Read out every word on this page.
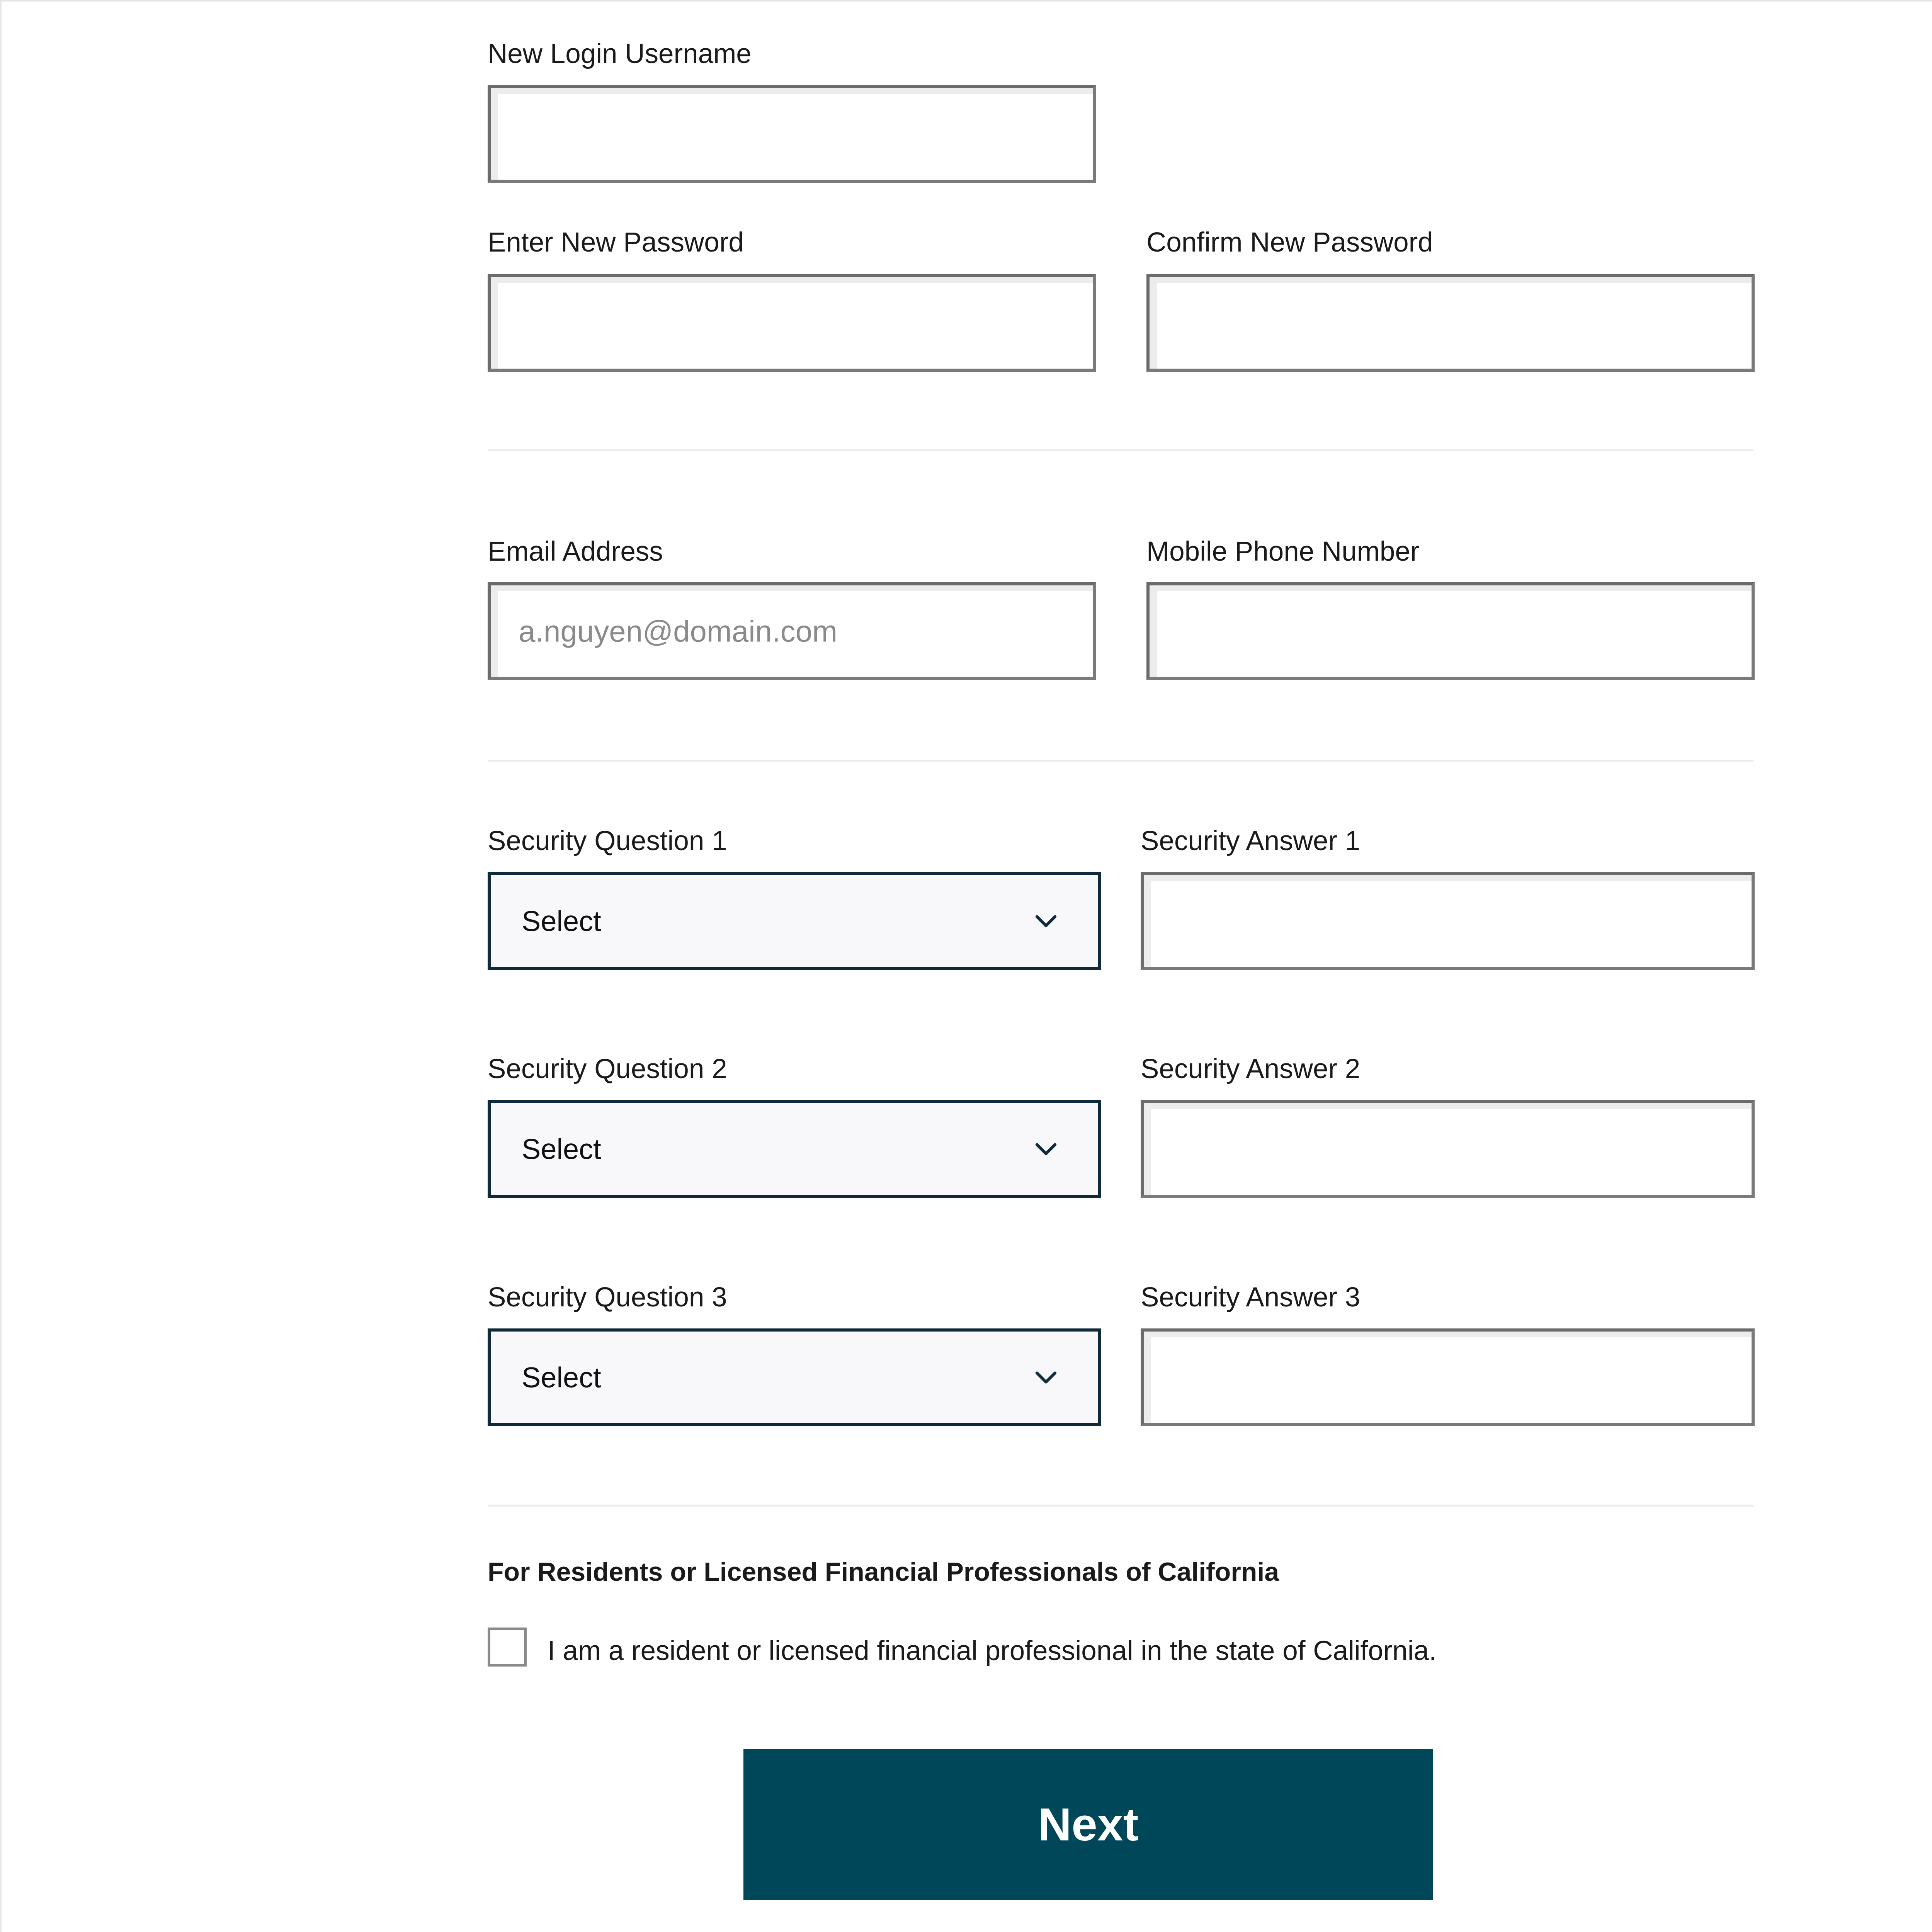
New Login Username
Enter New Password	Confirm New Password
Email Address
a.nguyen@domain.com
Mobile Phone Number
Security Question 1
Select
Security Answer 1
Security Question 2
Select
Security Answer 2
Security Question 3
Select
Security Answer 3
For Residents or Licensed Financial Professionals of California
I am a resident or licensed financial professional in the state of California.
Next
